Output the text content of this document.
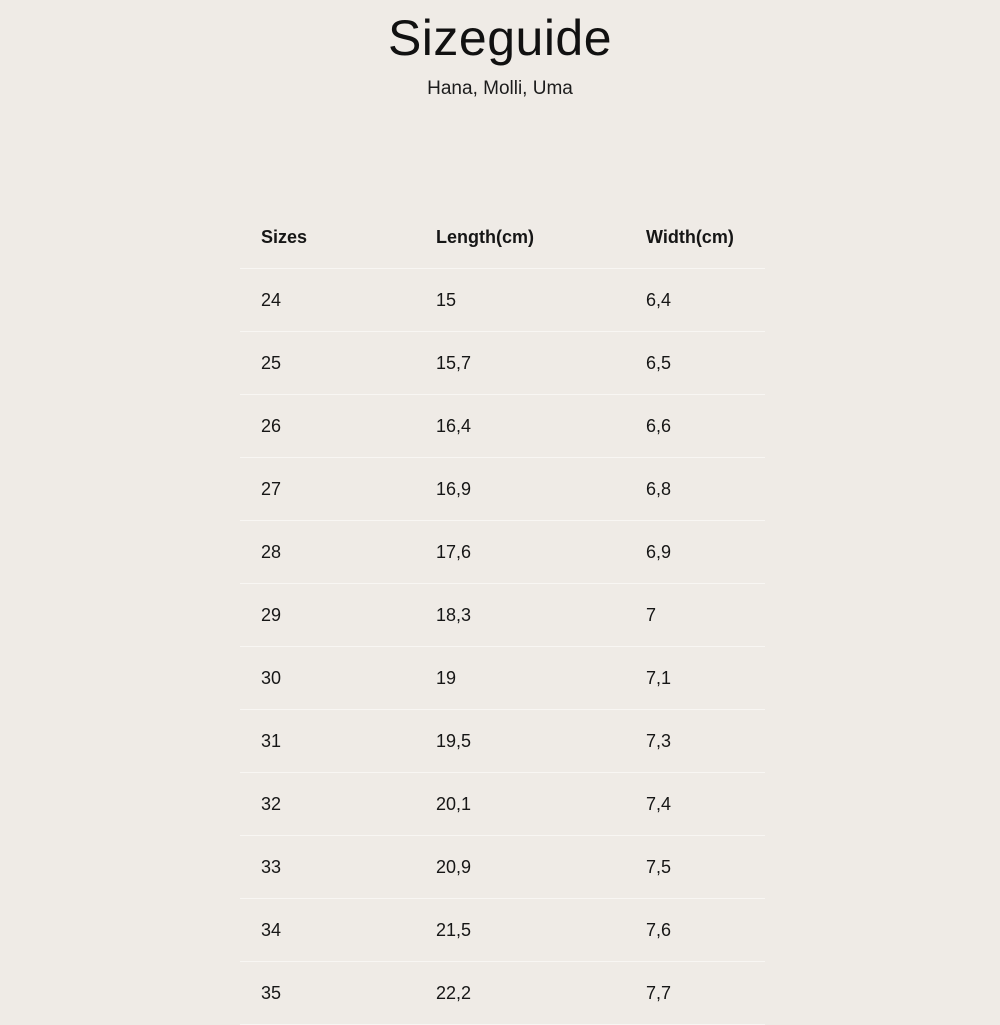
Sizeguide
Hana, Molli, Uma
Sizes	Length(cm)	Width(cm)
24	15	6,4
25	15,7	6,5
26	16,4	6,6
27	16,9	6,8
28	17,6	6,9
29	18,3	7
30	19	7,1
31	19,5	7,3
32	20,1	7,4
33	20,9	7,5
34	21,5	7,6
35	22,2	7,7
